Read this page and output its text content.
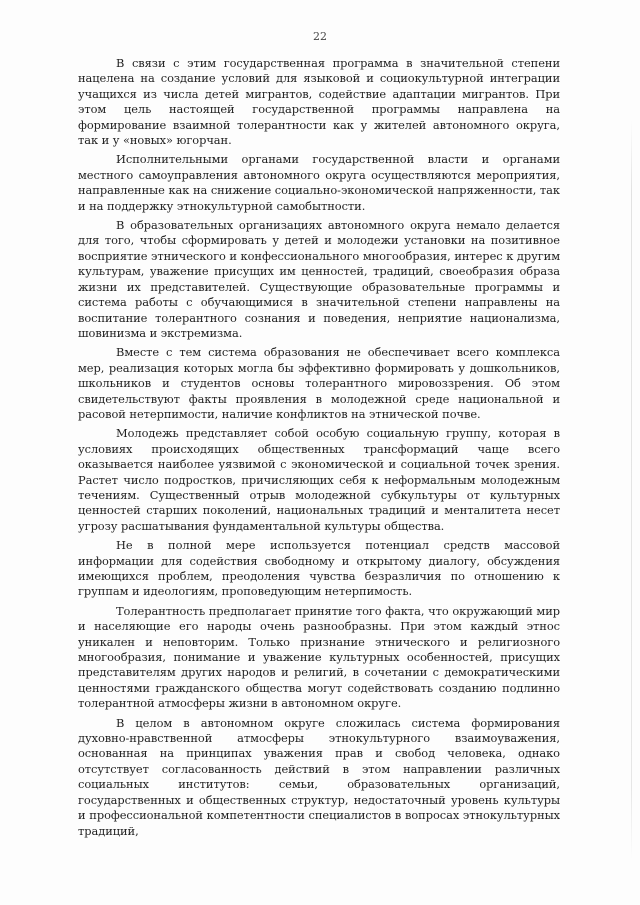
22

В связи с этим государственная программа в значительной степени нацелена на создание условий для языковой и социокультурной интеграции учащихся из числа детей мигрантов, содействие адаптации мигрантов. При этом цель настоящей государственной программы направлена на формирование взаимной толерантности как у жителей автономного округа, так и у «новых» югорчан.

Исполнительными органами государственной власти и органами местного самоуправления автономного округа осуществляются мероприятия, направленные как на снижение социально-экономической напряженности, так и на поддержку этнокультурной самобытности.

В образовательных организациях автономного округа немало делается для того, чтобы сформировать у детей и молодежи установки на позитивное восприятие этнического и конфессионального многообразия, интерес к другим культурам, уважение присущих им ценностей, традиций, своеобразия образа жизни их представителей. Существующие образовательные программы и система работы с обучающимися в значительной степени направлены на воспитание толерантного сознания и поведения, неприятие национализма, шовинизма и экстремизма.

Вместе с тем система образования не обеспечивает всего комплекса мер, реализация которых могла бы эффективно формировать у дошкольников, школьников и студентов основы толерантного мировоззрения. Об этом свидетельствуют факты проявления в молодежной среде национальной и расовой нетерпимости, наличие конфликтов на этнической почве.

Молодежь представляет собой особую социальную группу, которая в условиях происходящих общественных трансформаций чаще всего оказывается наиболее уязвимой с экономической и социальной точек зрения. Растет число подростков, причисляющих себя к неформальным молодежным течениям. Существенный отрыв молодежной субкультуры от культурных ценностей старших поколений, национальных традиций и менталитета несет угрозу расшатывания фундаментальной культуры общества.

Не в полной мере используется потенциал средств массовой информации для содействия свободному и открытому диалогу, обсуждения имеющихся проблем, преодоления чувства безразличия по отношению к группам и идеологиям, проповедующим нетерпимость.

Толерантность предполагает принятие того факта, что окружающий мир и населяющие его народы очень разнообразны. При этом каждый этнос уникален и неповторим. Только признание этнического и религиозного многообразия, понимание и уважение культурных особенностей, присущих представителям других народов и религий, в сочетании с демократическими ценностями гражданского общества могут содействовать созданию подлинно толерантной атмосферы жизни в автономном округе.

В целом в автономном округе сложилась система формирования духовно-нравственной атмосферы этнокультурного взаимоуважения, основанная на принципах уважения прав и свобод человека, однако отсутствует согласованность действий в этом направлении различных социальных институтов: семьи, образовательных организаций, государственных и общественных структур, недостаточный уровень культуры и профессиональной компетентности специалистов в вопросах этнокультурных традиций,
